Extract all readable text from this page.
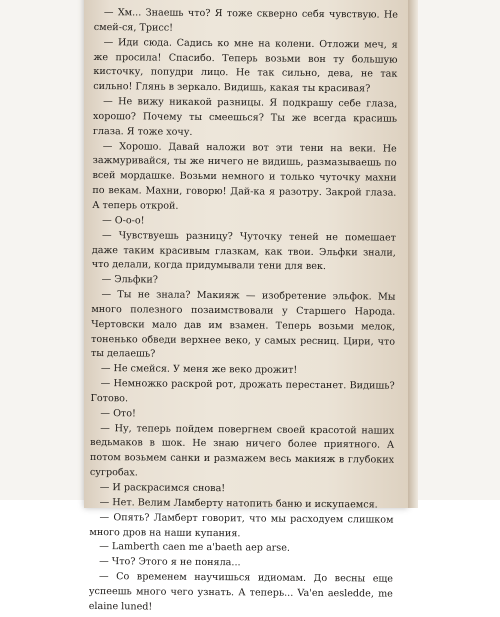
— Хм... Знаешь что? Я тоже скверно себя чувствую. Не смей-ся, Трисс!

— Иди сюда. Садись ко мне на колени. Отложи меч, я же просила! Спасибо. Теперь возьми вон ту большую кисточку, попудри лицо. Не так сильно, дева, не так сильно! Глянь в зеркало. Видишь, какая ты красивая?

— Не вижу никакой разницы. Я подкрашу себе глаза, хорошо? Почему ты смеешься? Ты же всегда красишь глаза. Я тоже хочу.

— Хорошо. Давай наложи вот эти тени на веки. Не зажмуривайся, ты же ничего не видишь, размазываешь по всей мордашке. Возьми немного и только чуточку махни по векам. Махни, говорю! Дай-ка я разотру. Закрой глаза. А теперь открой.

— О-о-о!

— Чувствуешь разницу? Чуточку теней не помешает даже таким красивым глазкам, как твои. Эльфки знали, что делали, когда придумывали тени для век.

— Эльфки?

— Ты не знала? Макияж — изобретение эльфок. Мы много полезного позаимствовали у Старшего Народа. Чертовски мало дав им взамен. Теперь возьми мелок, тоненько обведи верхнее веко, у самых ресниц. Цири, что ты делаешь?

— Не смейся. У меня же веко дрожит!

— Немножко раскрой рот, дрожать перестанет. Видишь? Готово.

— Ото!

— Ну, теперь пойдем повергнем своей красотой наших ведьмаков в шок. Не знаю ничего более приятного. А потом возьмем санки и размажем весь макияж в глубоких сугробах.

— И раскрасимся снова!

— Нет. Велим Ламберту натопить баню и искупаемся.

— Опять? Ламберт говорит, что мы расходуем слишком много дров на наши купания.

— Lamberth caen me a'baeth aep arse.

— Что? Этого я не поняла...

— Со временем научишься идиомам. До весны еще успеешь много чего узнать. А теперь... Va'en aesledde, me elaine luned!
